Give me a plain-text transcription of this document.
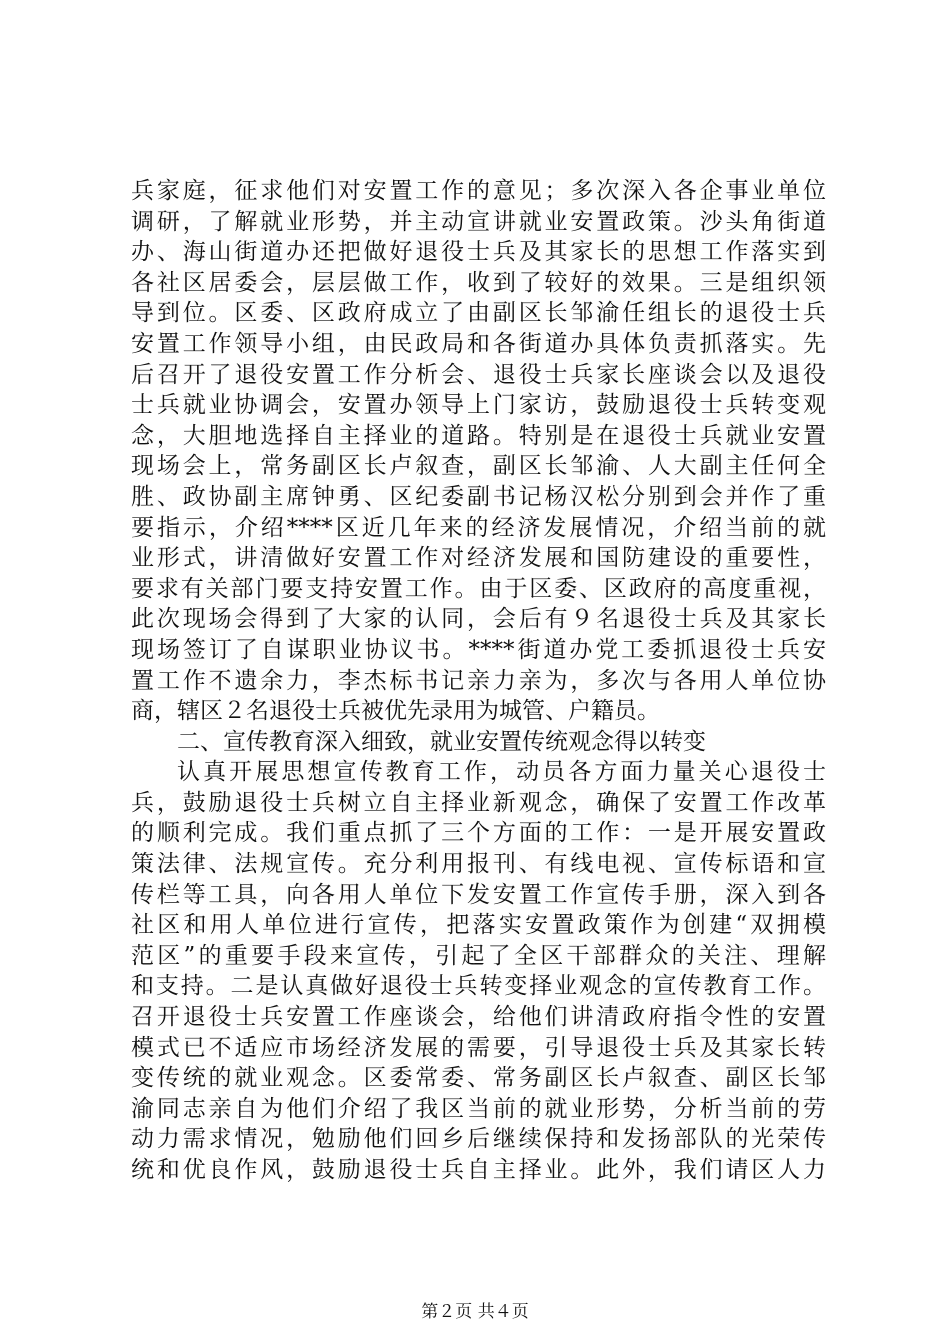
兵家庭，征求他们对安置工作的意见；多次深入各企事业单位
调研，了解就业形势，并主动宣讲就业安置政策。沙头角街道
办、海山街道办还把做好退役士兵及其家长的思想工作落实到
各社区居委会，层层做工作，收到了较好的效果。三是组织领
导到位。区委、区政府成立了由副区长邹渝任组长的退役士兵
安置工作领导小组，由民政局和各街道办具体负责抓落实。先
后召开了退役安置工作分析会、退役士兵家长座谈会以及退役
士兵就业协调会，安置办领导上门家访，鼓励退役士兵转变观
念，大胆地选择自主择业的道路。特别是在退役士兵就业安置
现场会上，常务副区长卢叙查，副区长邹渝、人大副主任何全
胜、政协副主席钟勇、区纪委副书记杨汉松分别到会并作了重
要指示，介绍****区近几年来的经济发展情况，介绍当前的就
业形式，讲清做好安置工作对经济发展和国防建设的重要性，
要求有关部门要支持安置工作。由于区委、区政府的高度重视，
此次现场会得到了大家的认同，会后有９名退役士兵及其家长
现场签订了自谋职业协议书。****街道办党工委抓退役士兵安
置工作不遗余力，李杰标书记亲力亲为，多次与各用人单位协
商，辖区２名退役士兵被优先录用为城管、户籍员。
二、宣传教育深入细致，就业安置传统观念得以转变
认真开展思想宣传教育工作，动员各方面力量关心退役士
兵，鼓励退役士兵树立自主择业新观念，确保了安置工作改革
的顺利完成。我们重点抓了三个方面的工作：一是开展安置政
策法律、法规宣传。充分利用报刊、有线电视、宣传标语和宣
传栏等工具，向各用人单位下发安置工作宣传手册，深入到各
社区和用人单位进行宣传，把落实安置政策作为创建“双拥模
范区”的重要手段来宣传，引起了全区干部群众的关注、理解
和支持。二是认真做好退役士兵转变择业观念的宣传教育工作。
召开退役士兵安置工作座谈会，给他们讲清政府指令性的安置
模式已不适应市场经济发展的需要，引导退役士兵及其家长转
变传统的就业观念。区委常委、常务副区长卢叙查、副区长邹
渝同志亲自为他们介绍了我区当前的就业形势，分析当前的劳
动力需求情况，勉励他们回乡后继续保持和发扬部队的光荣传
统和优良作风，鼓励退役士兵自主择业。此外，我们请区人力
第２页 共４页
